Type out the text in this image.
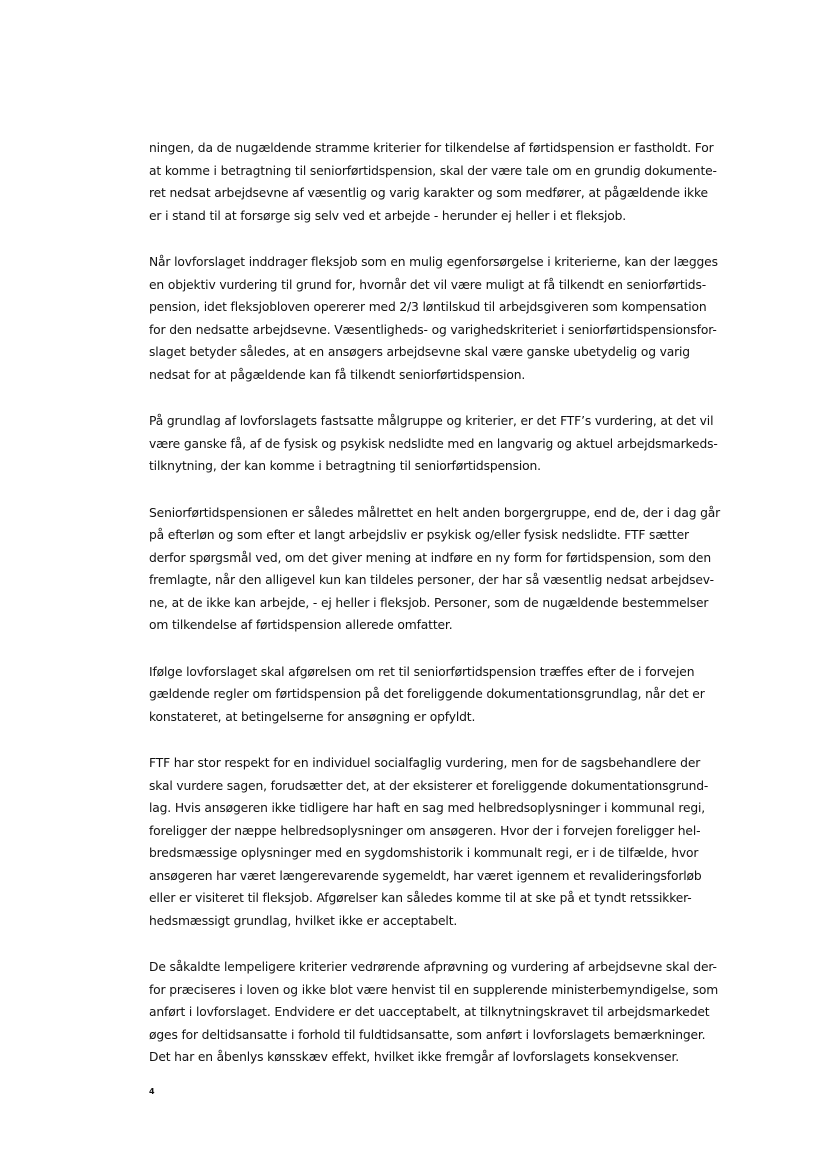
ningen, da de nugældende stramme kriterier for tilkendelse af førtidspension er fastholdt. For
at komme i betragtning til seniorførtidspension, skal der være tale om en grundig dokumente-
ret nedsat arbejdsevne af væsentlig og varig karakter og som medfører, at pågældende ikke
er i stand til at forsørge sig selv ved et arbejde - herunder ej heller i et fleksjob.
Når lovforslaget inddrager fleksjob som en mulig egenforsørgelse i kriterierne, kan der lægges
en objektiv vurdering til grund for, hvornår det vil være muligt at få tilkendt en seniorførtids-
pension, idet fleksjobloven opererer med 2/3 løntilskud til arbejdsgiveren som kompensation
for den nedsatte arbejdsevne. Væsentligheds- og varighedskriteriet i seniorførtidspensionsfor-
slaget betyder således, at en ansøgers arbejdsevne skal være ganske ubetydelig og varig
nedsat for at pågældende kan få tilkendt seniorførtidspension.
På grundlag af lovforslagets fastsatte målgruppe og kriterier, er det FTF’s vurdering, at det vil
være ganske få, af de fysisk og psykisk nedslidte med en langvarig og aktuel arbejdsmarkeds-
tilknytning, der kan komme i betragtning til seniorførtidspension.
Seniorførtidspensionen er således målrettet en helt anden borgergruppe, end de, der i dag går
på efterløn og som efter et langt arbejdsliv er psykisk og/eller fysisk nedslidte. FTF sætter
derfor spørgsmål ved, om det giver mening at indføre en ny form for førtidspension, som den
fremlagte, når den alligevel kun kan tildeles personer, der har så væsentlig nedsat arbejdsev-
ne, at de ikke kan arbejde, - ej heller i fleksjob. Personer, som de nugældende bestemmelser
om tilkendelse af førtidspension allerede omfatter.
Ifølge lovforslaget skal afgørelsen om ret til seniorførtidspension træffes efter de i forvejen
gældende regler om førtidspension på det foreliggende dokumentationsgrundlag, når det er
konstateret, at betingelserne for ansøgning er opfyldt.
FTF har stor respekt for en individuel socialfaglig vurdering, men for de sagsbehandlere der
skal vurdere sagen, forudsætter det, at der eksisterer et foreliggende dokumentationsgrund-
lag. Hvis ansøgeren ikke tidligere har haft en sag med helbredsoplysninger i kommunal regi,
foreligger der næppe helbredsoplysninger om ansøgeren. Hvor der i forvejen foreligger hel-
bredsmæssige oplysninger med en sygdomshistorik i kommunalt regi, er i de tilfælde, hvor
ansøgeren har været længerevarende sygemeldt, har været igennem et revalideringsforløb
eller er visiteret til fleksjob. Afgørelser kan således komme til at ske på et tyndt retssikker-
hedsmæssigt grundlag, hvilket ikke er acceptabelt.
De såkaldte lempeligere kriterier vedrørende afprøvning og vurdering af arbejdsevne skal der-
for præciseres i loven og ikke blot være henvist til en supplerende ministerbemyndigelse, som
anført i lovforslaget. Endvidere er det uacceptabelt, at tilknytningskravet til arbejdsmarkedet
øges for deltidsansatte i forhold til fuldtidsansatte, som anført i lovforslagets bemærkninger.
Det har en åbenlys kønsskæv effekt, hvilket ikke fremgår af lovforslagets konsekvenser.
4
